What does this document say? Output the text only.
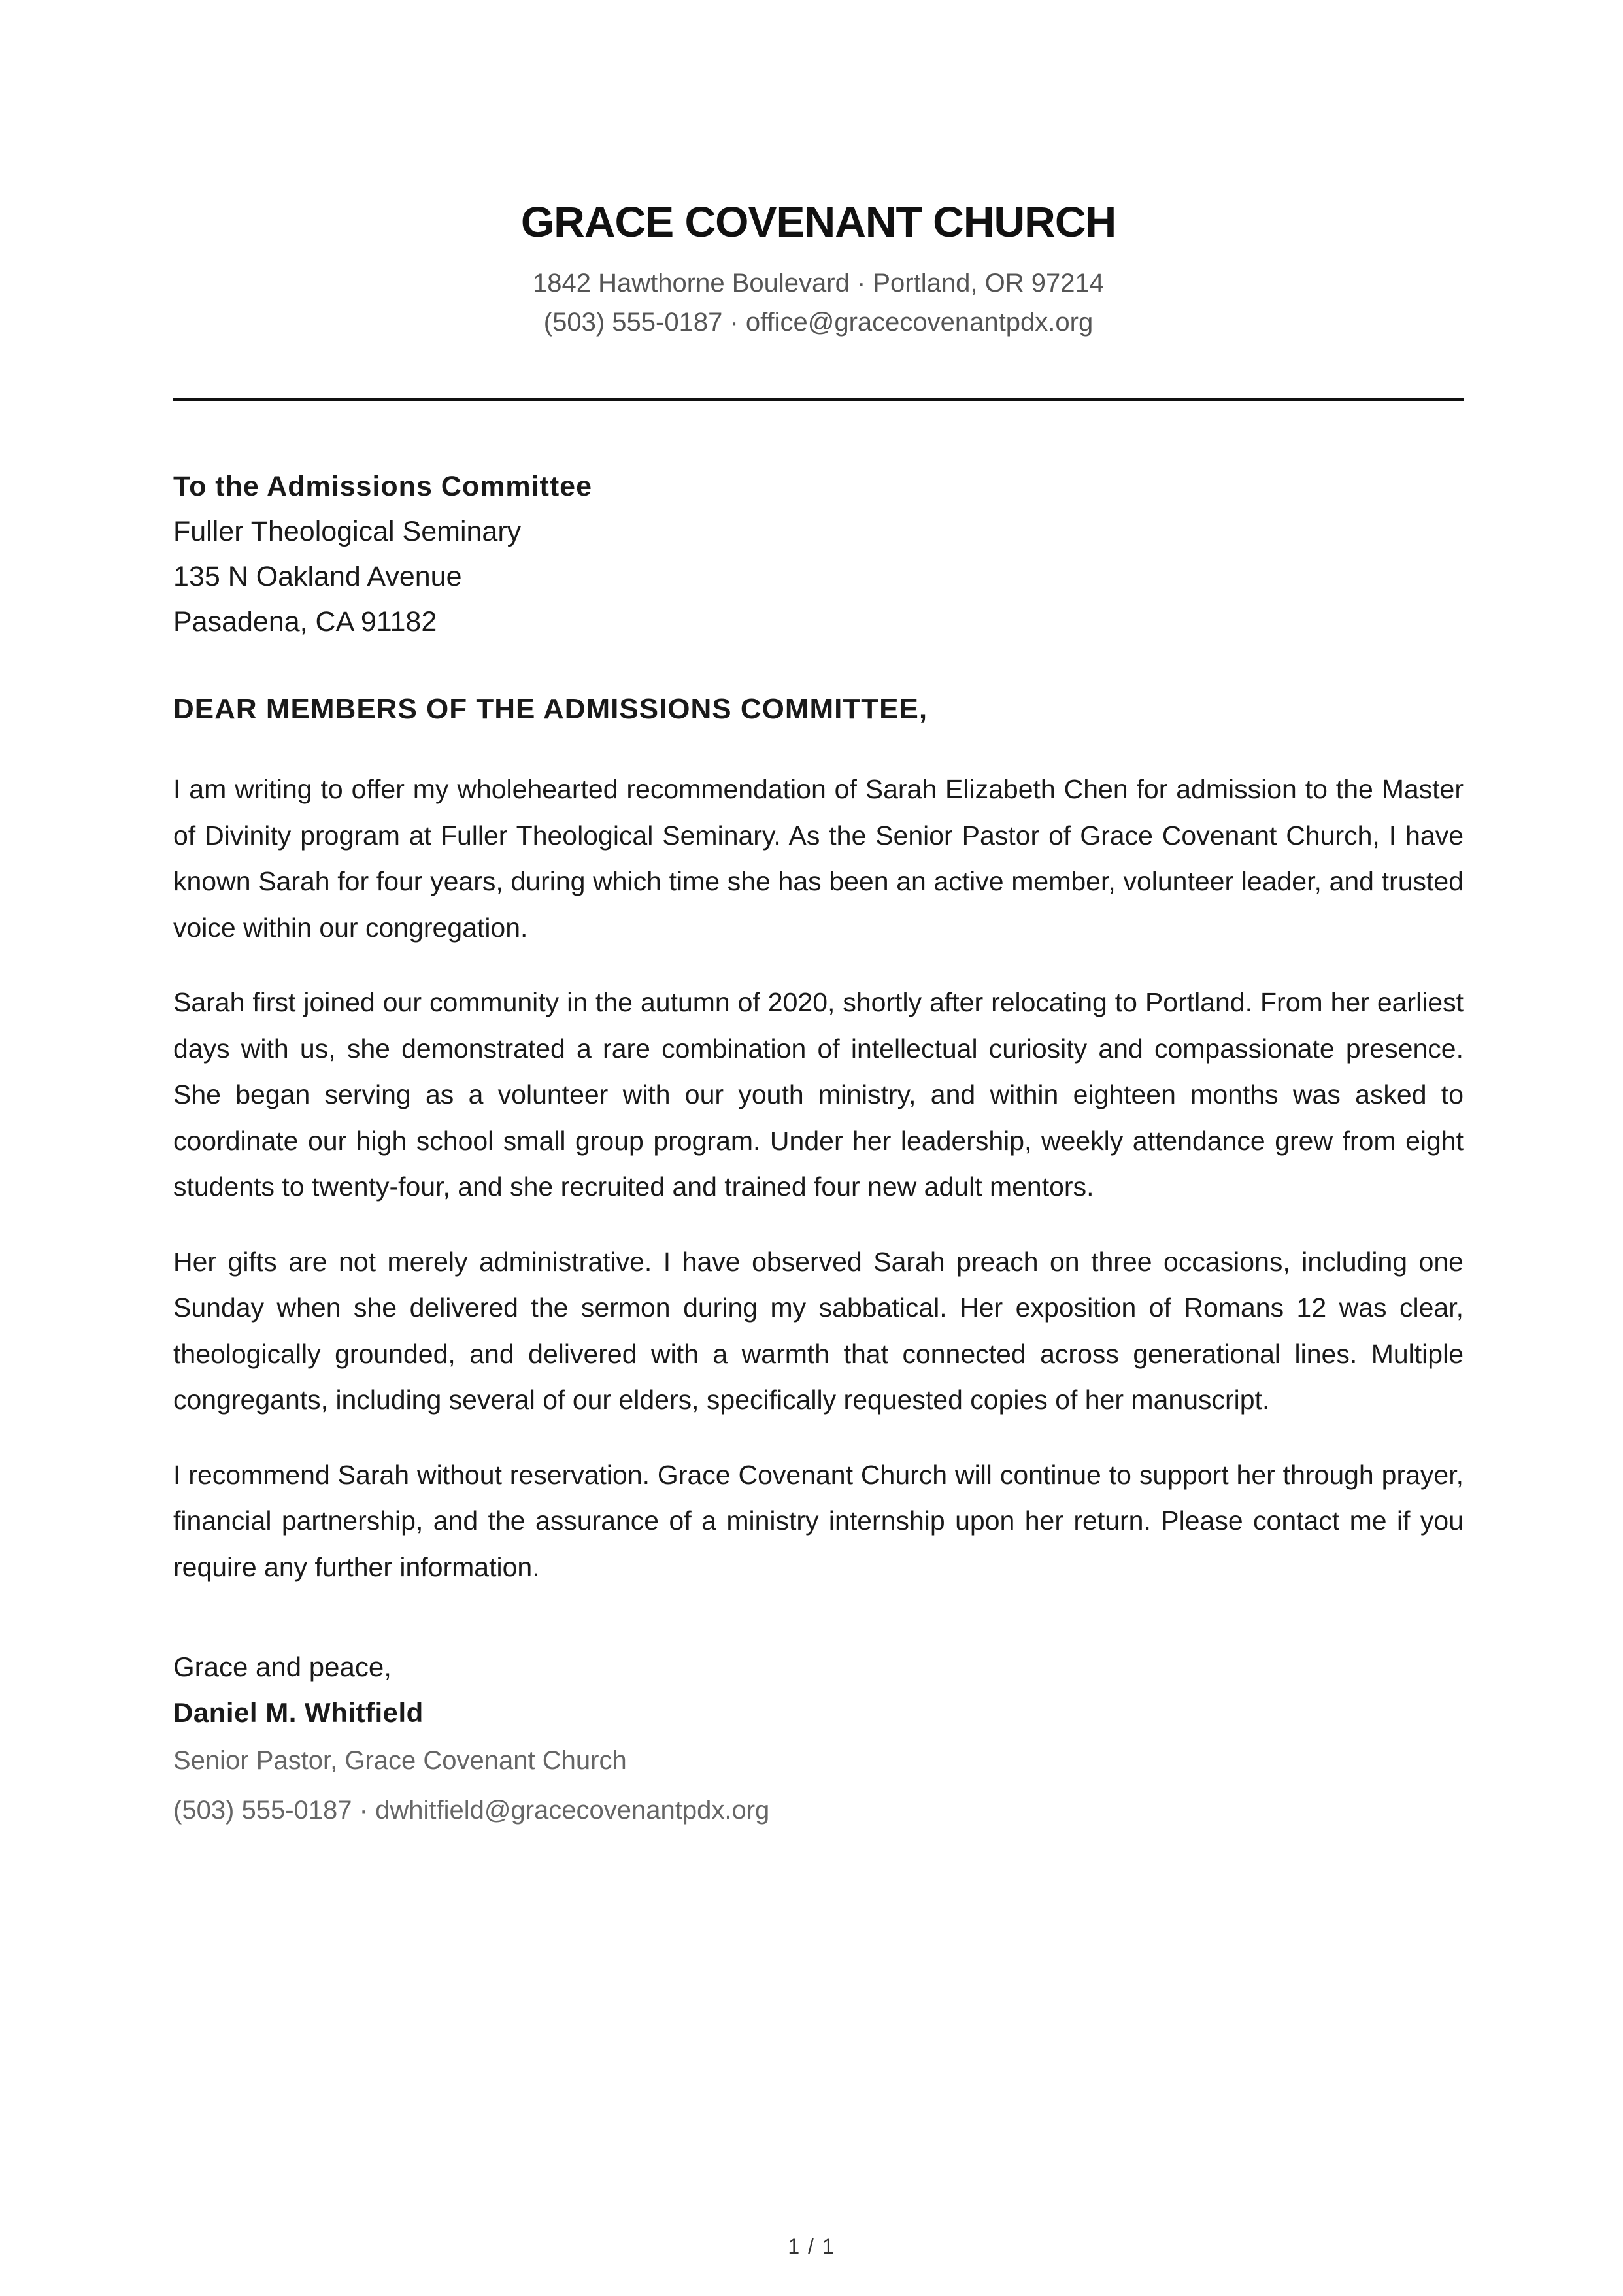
GRACE COVENANT CHURCH

1842 Hawthorne Boulevard · Portland, OR 97214

(503) 555-0187 · office@gracecovenantpdx.org

To the Admissions Committee
Fuller Theological Seminary
135 N Oakland Avenue
Pasadena, CA 91182
DEAR MEMBERS OF THE ADMISSIONS COMMITTEE,

I am writing to offer my wholehearted recommendation of Sarah Elizabeth Chen for admission to the Master of Divinity program at Fuller Theological Seminary. As the Senior Pastor of Grace Covenant Church, I have known Sarah for four years, during which time she has been an active member, volunteer leader, and trusted voice within our congregation.

Sarah first joined our community in the autumn of 2020, shortly after relocating to Portland. From her earliest days with us, she demonstrated a rare combination of intellectual curiosity and compassionate presence. She began serving as a volunteer with our youth ministry, and within eighteen months was asked to coordinate our high school small group program. Under her leadership, weekly attendance grew from eight students to twenty-four, and she recruited and trained four new adult mentors.

Her gifts are not merely administrative. I have observed Sarah preach on three occasions, including one Sunday when she delivered the sermon during my sabbatical. Her exposition of Romans 12 was clear, theologically grounded, and delivered with a warmth that connected across generational lines. Multiple congregants, including several of our elders, specifically requested copies of her manuscript.

I recommend Sarah without reservation. Grace Covenant Church will continue to support her through prayer, financial partnership, and the assurance of a ministry internship upon her return. Please contact me if you require any further information.

Grace and peace,
Daniel M. Whitfield
Senior Pastor, Grace Covenant Church
(503) 555-0187 · dwhitfield@gracecovenantpdx.org
1 / 1
